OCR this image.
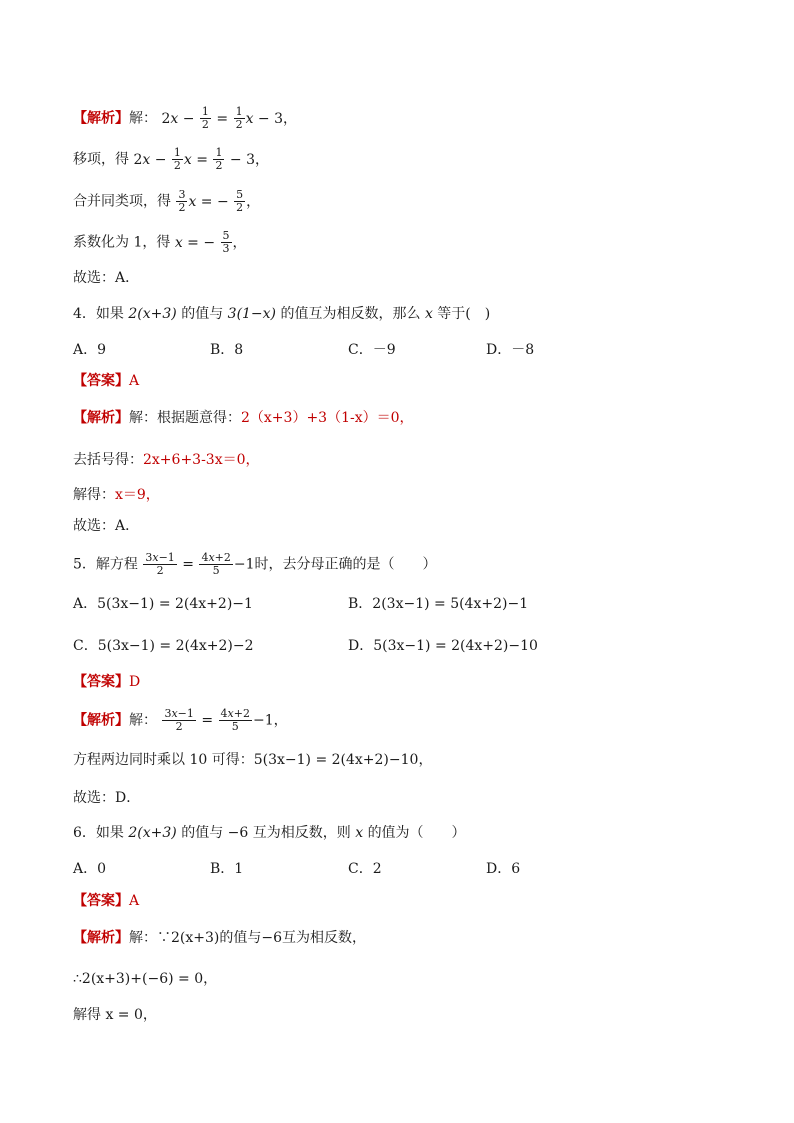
【解析】解： $2x - \frac{1}{2} = \frac{1}{2}$ x − 3，
移项，得 $2x - \frac{1}{2}$ $x = \frac{1}{2} - 3$，
合并同类项，得 $\frac{3}{2}$ x = − $\frac{5}{2}$ ，
系数化为 1，得 x = − $\frac{5}{3}$ ，
故选：A．
4．如果 2(x+3) 的值与 3(1−x) 的值互为相反数，那么 x 等于(　)
A．9	B．8	C．－9	D．－8
【答案】A
【解析】解：根据题意得：2（x+3）+3（1-x）＝0，
去括号得：2x+6+3-3x＝0，
解得：x＝9，
故选：A．
5．解方程 $\frac{3x-1}{2} = \frac{4x+2}{5} -1$时，去分母正确的是（　　）
A．5(3x−1) = 2(4x+2)−1	B．2(3x−1) = 5(4x+2)−1
C．5(3x−1) = 2(4x+2)−2	D．5(3x−1) = 2(4x+2)−10
【答案】D
【解析】解： $\frac{3x-1}{2} = \frac{4x+2}{5} -1$，
方程两边同时乘以 10 可得：5(3x−1) = 2(4x+2)−10，
故选：D．
6．如果 2(x+3) 的值与 −6 互为相反数，则 x 的值为（　　）
A．0	B．1	C．2	D．6
【答案】A
【解析】解：∵2(x+3)的值与−6互为相反数，
∴2(x+3)+(−6) = 0，
解得 x = 0，
